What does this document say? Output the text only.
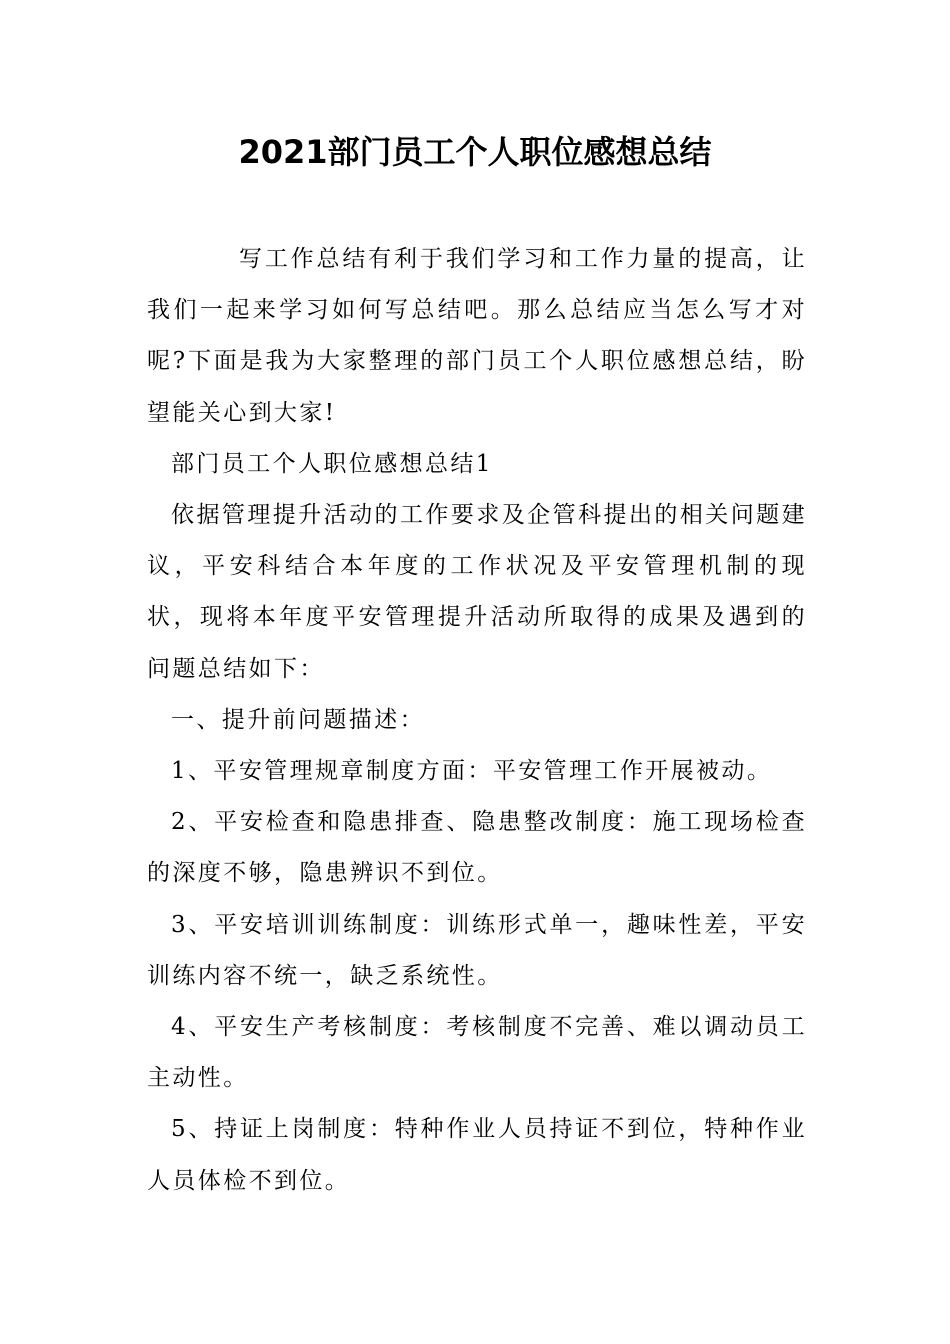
2021部门员工个人职位感想总结

写工作总结有利于我们学习和工作力量的提高，让我们一起来学习如何写总结吧。那么总结应当怎么写才对呢?下面是我为大家整理的部门员工个人职位感想总结，盼望能关心到大家!

部门员工个人职位感想总结1

依据管理提升活动的工作要求及企管科提出的相关问题建议，平安科结合本年度的工作状况及平安管理机制的现状，现将本年度平安管理提升活动所取得的成果及遇到的问题总结如下：

一、提升前问题描述：

1、平安管理规章制度方面：平安管理工作开展被动。

2、平安检查和隐患排查、隐患整改制度：施工现场检查的深度不够，隐患辨识不到位。

3、平安培训训练制度：训练形式单一，趣味性差，平安训练内容不统一，缺乏系统性。

4、平安生产考核制度：考核制度不完善、难以调动员工主动性。

5、持证上岗制度：特种作业人员持证不到位，特种作业人员体检不到位。
